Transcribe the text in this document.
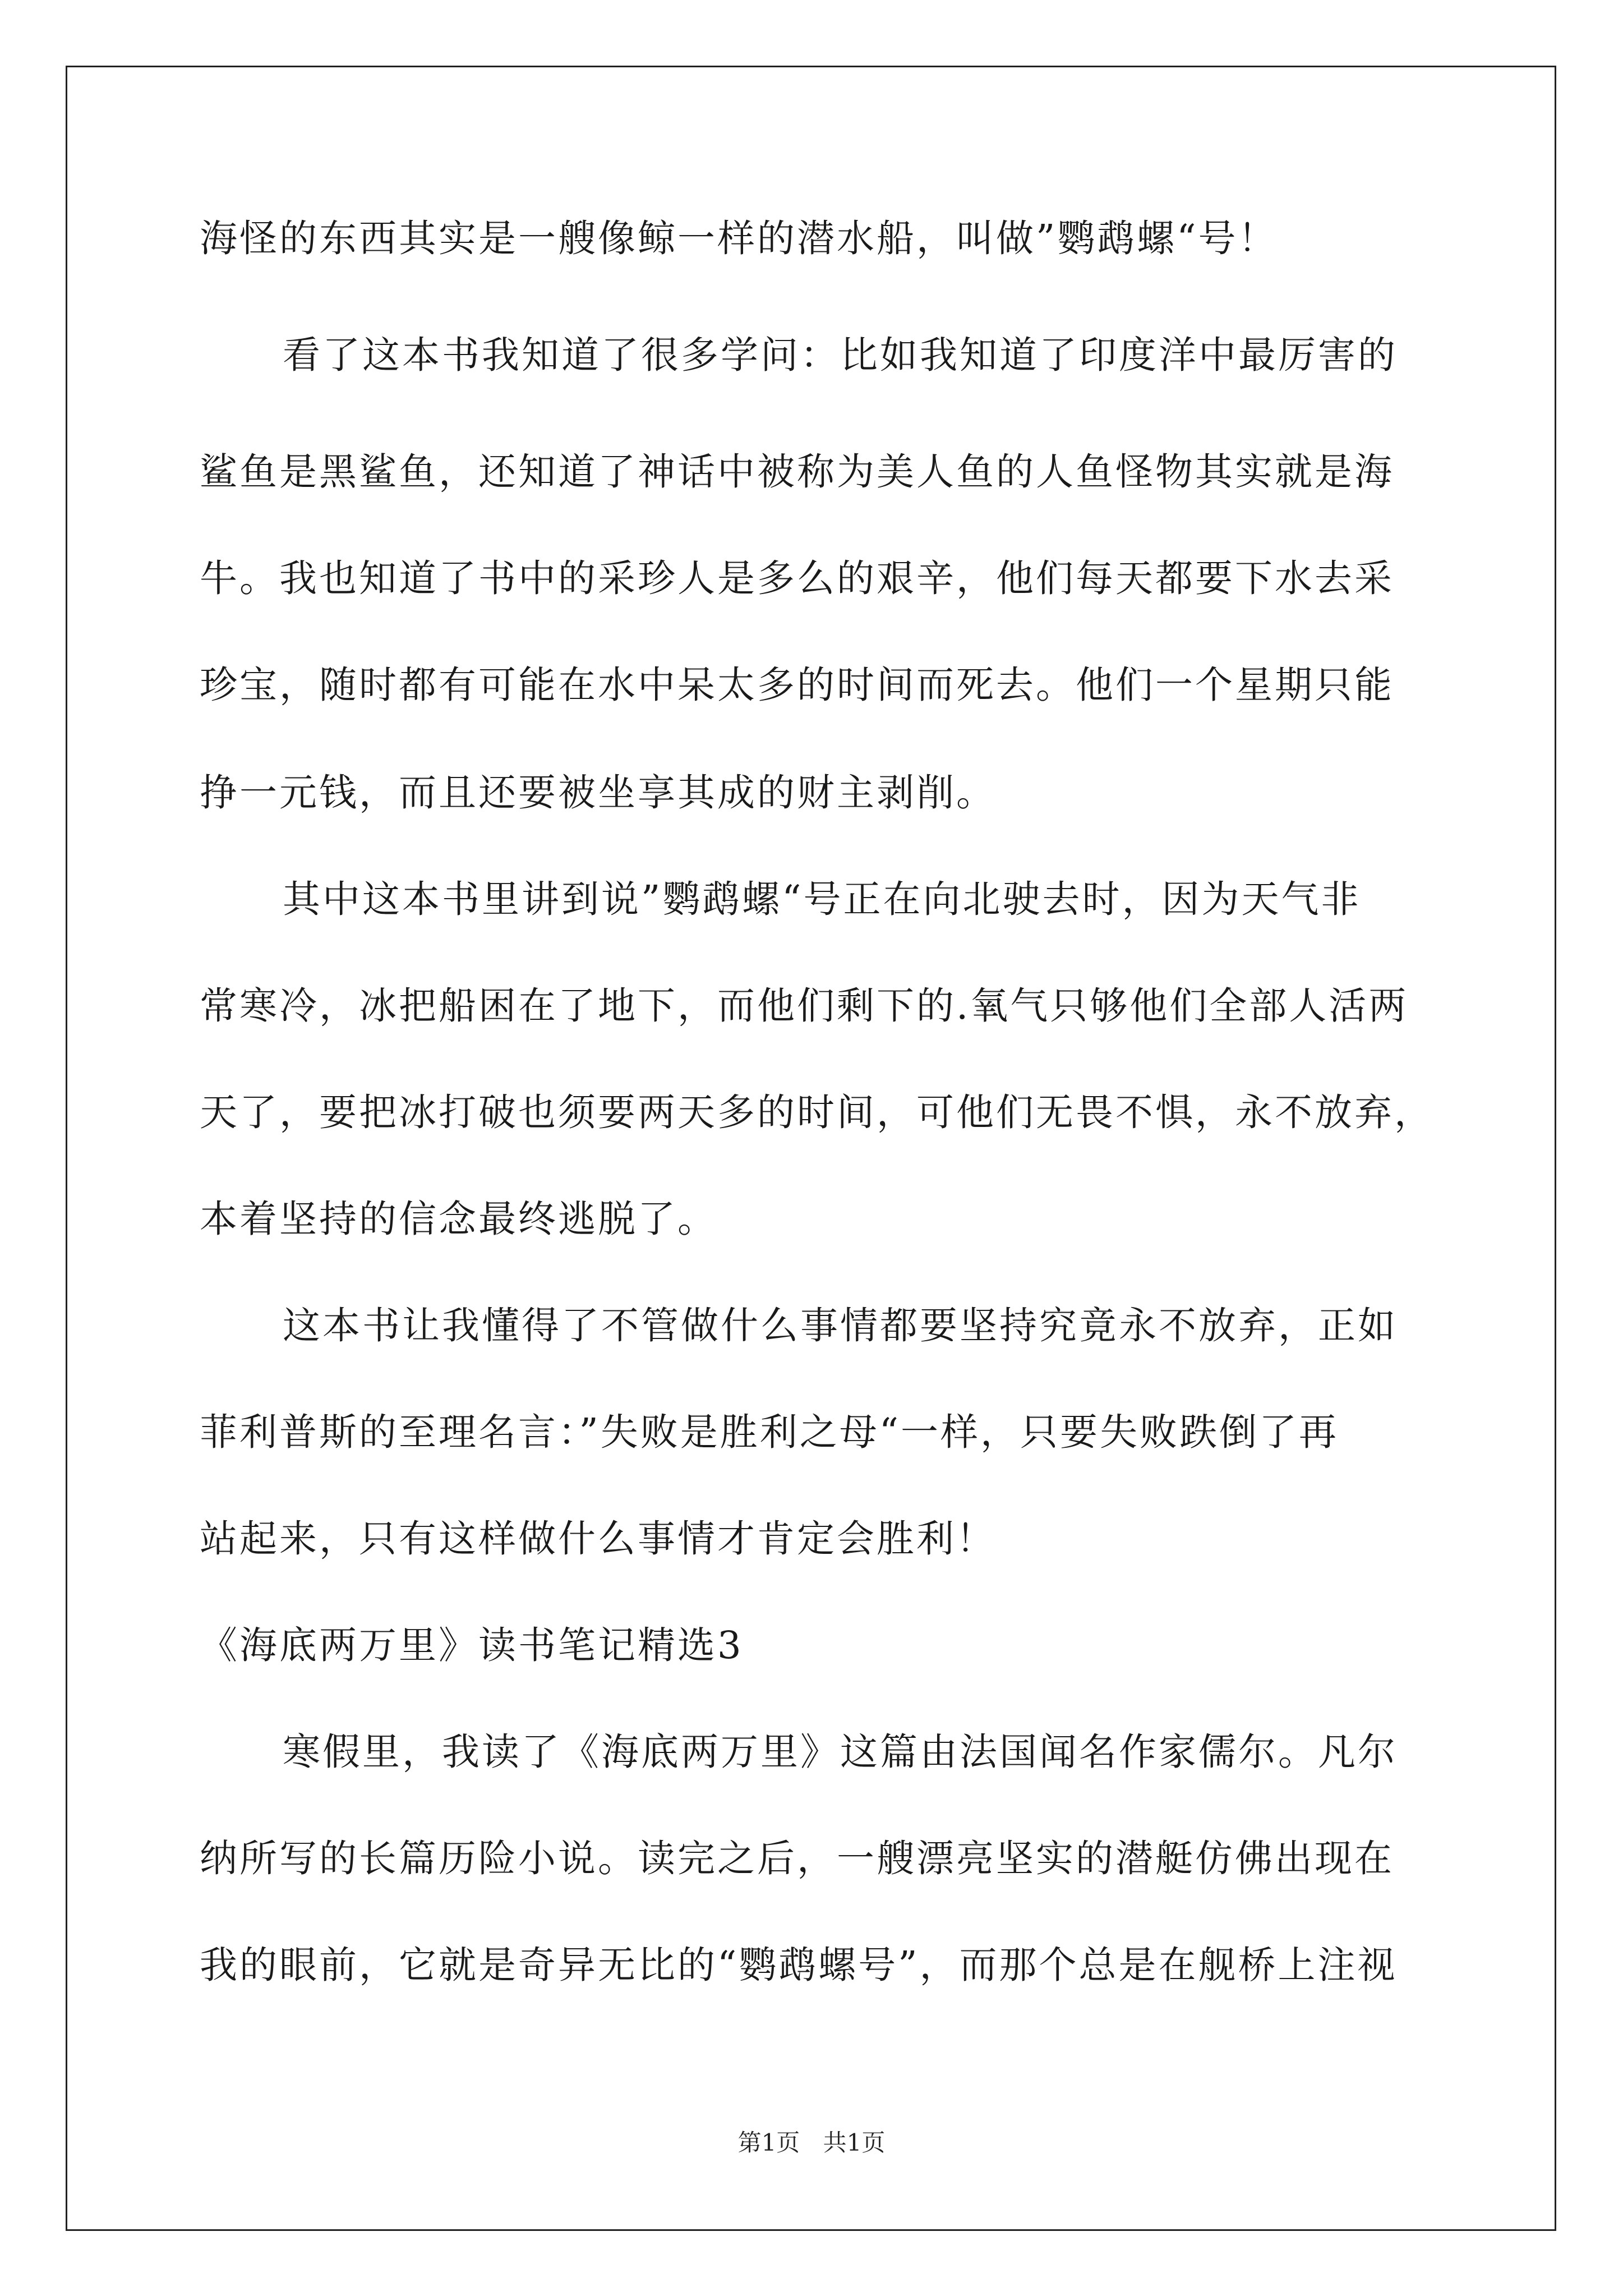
海怪的东西其实是一艘像鲸一样的潜水船，叫做”鹦鹉螺“号！
看了这本书我知道了很多学问：比如我知道了印度洋中最厉害的
鲨鱼是黑鲨鱼，还知道了神话中被称为美人鱼的人鱼怪物其实就是海
牛。我也知道了书中的采珍人是多么的艰辛，他们每天都要下水去采
珍宝，随时都有可能在水中呆太多的时间而死去。他们一个星期只能
挣一元钱，而且还要被坐享其成的财主剥削。
其中这本书里讲到说”鹦鹉螺“号正在向北驶去时，因为天气非
常寒冷，冰把船困在了地下，而他们剩下的.氧气只够他们全部人活两
天了，要把冰打破也须要两天多的时间，可他们无畏不惧，永不放弃，
本着坚持的信念最终逃脱了。
这本书让我懂得了不管做什么事情都要坚持究竟永不放弃，正如
菲利普斯的至理名言：”失败是胜利之母“一样，只要失败跌倒了再
站起来，只有这样做什么事情才肯定会胜利！
《海底两万里》读书笔记精选3
寒假里，我读了《海底两万里》这篇由法国闻名作家儒尔。凡尔
纳所写的长篇历险小说。读完之后，一艘漂亮坚实的潜艇仿佛出现在
我的眼前，它就是奇异无比的“鹦鹉螺号”，而那个总是在舰桥上注视
第1页 共1页
